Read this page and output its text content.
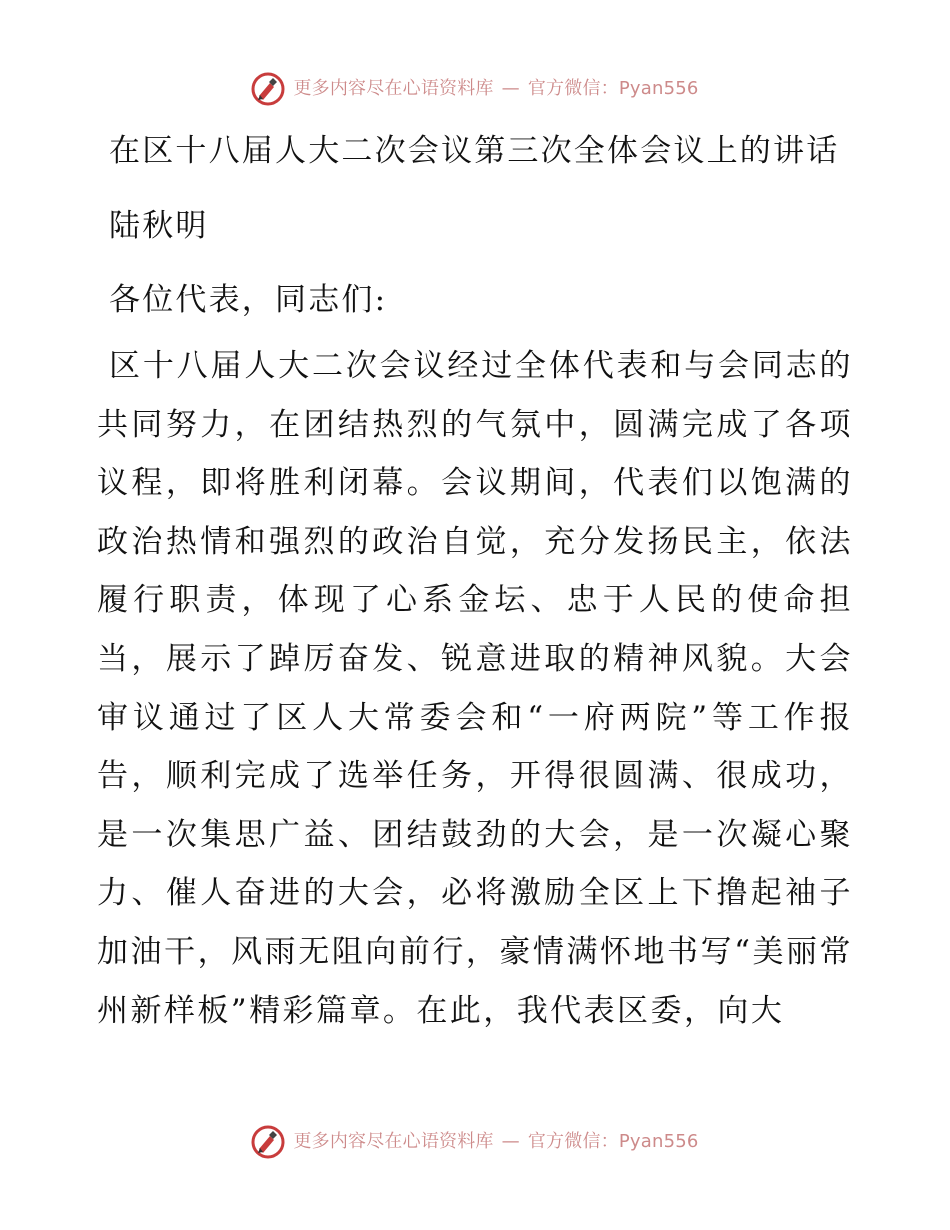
更多内容尽在心语资料库 — 官方微信：Pyan556
在区十八届人大二次会议第三次全体会议上的讲话

陆秋明

各位代表，同志们:

区十八届人大二次会议经过全体代表和与会同志的共同努力，在团结热烈的气氛中，圆满完成了各项议程，即将胜利闭幕。会议期间，代表们以饱满的政治热情和强烈的政治自觉，充分发扬民主，依法履行职责，体现了心系金坛、忠于人民的使命担当，展示了踔厉奋发、锐意进取的精神风貌。大会审议通过了区人大常委会和“一府两院”等工作报告，顺利完成了选举任务，开得很圆满、很成功，是一次集思广益、团结鼓劲的大会，是一次凝心聚力、催人奋进的大会，必将激励全区上下撸起袖子加油干，风雨无阻向前行，豪情满怀地书写“美丽常州新样板”精彩篇章。在此，我代表区委，向大

更多内容尽在心语资料库 — 官方微信：Pyan556
